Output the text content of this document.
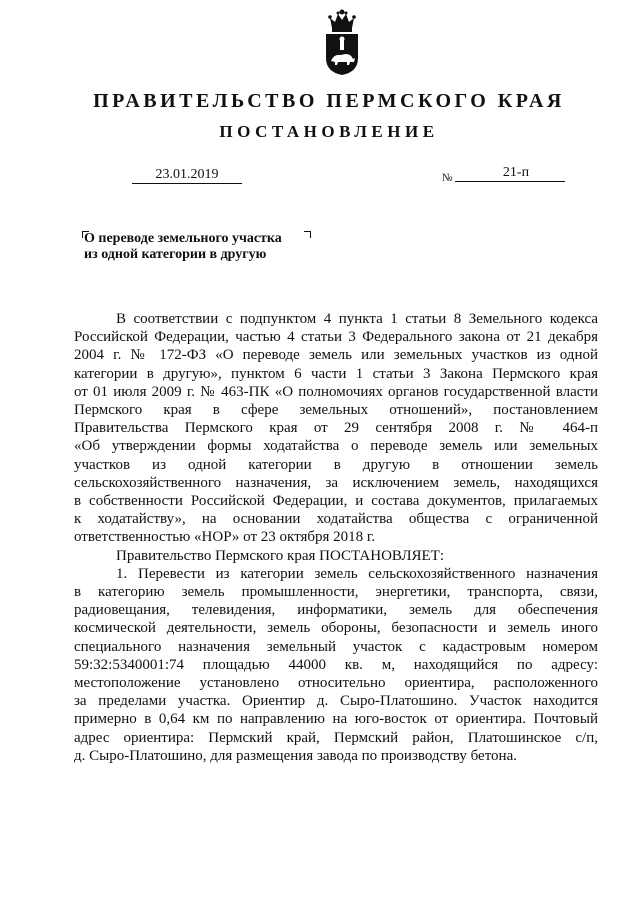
ПРАВИТЕЛЬСТВО ПЕРМСКОГО КРАЯ
ПОСТАНОВЛЕНИЕ
23.01.2019	№	21-п
О переводе земельного участка
из одной категории в другую
В соответствии с подпунктом 4 пункта 1 статьи 8 Земельного кодекса
Российской Федерации, частью 4 статьи 3 Федерального закона от 21 декабря
2004 г. № 172-ФЗ «О переводе земель или земельных участков из одной
категории в другую», пунктом 6 части 1 статьи 3 Закона Пермского края
от 01 июля 2009 г. № 463-ПК «О полномочиях органов государственной власти
Пермского края в сфере земельных отношений», постановлением
Правительства Пермского края от 29 сентября 2008 г. № 464-п
«Об утверждении формы ходатайства о переводе земель или земельных
участков из одной категории в другую в отношении земель
сельскохозяйственного назначения, за исключением земель, находящихся
в собственности Российской Федерации, и состава документов, прилагаемых
к ходатайству», на основании ходатайства общества с ограниченной
ответственностью «НОР» от 23 октября 2018 г.
Правительство Пермского края ПОСТАНОВЛЯЕТ:
1. Перевести из категории земель сельскохозяйственного назначения
в категорию земель промышленности, энергетики, транспорта, связи,
радиовещания, телевидения, информатики, земель для обеспечения
космической деятельности, земель обороны, безопасности и земель иного
специального назначения земельный участок с кадастровым номером
59:32:5340001:74 площадью 44000 кв. м, находящийся по адресу:
местоположение установлено относительно ориентира, расположенного
за пределами участка. Ориентир д. Сыро-Платошино. Участок находится
примерно в 0,64 км по направлению на юго-восток от ориентира. Почтовый
адрес ориентира: Пермский край, Пермский район, Платошинское с/п,
д. Сыро-Платошино, для размещения завода по производству бетона.
